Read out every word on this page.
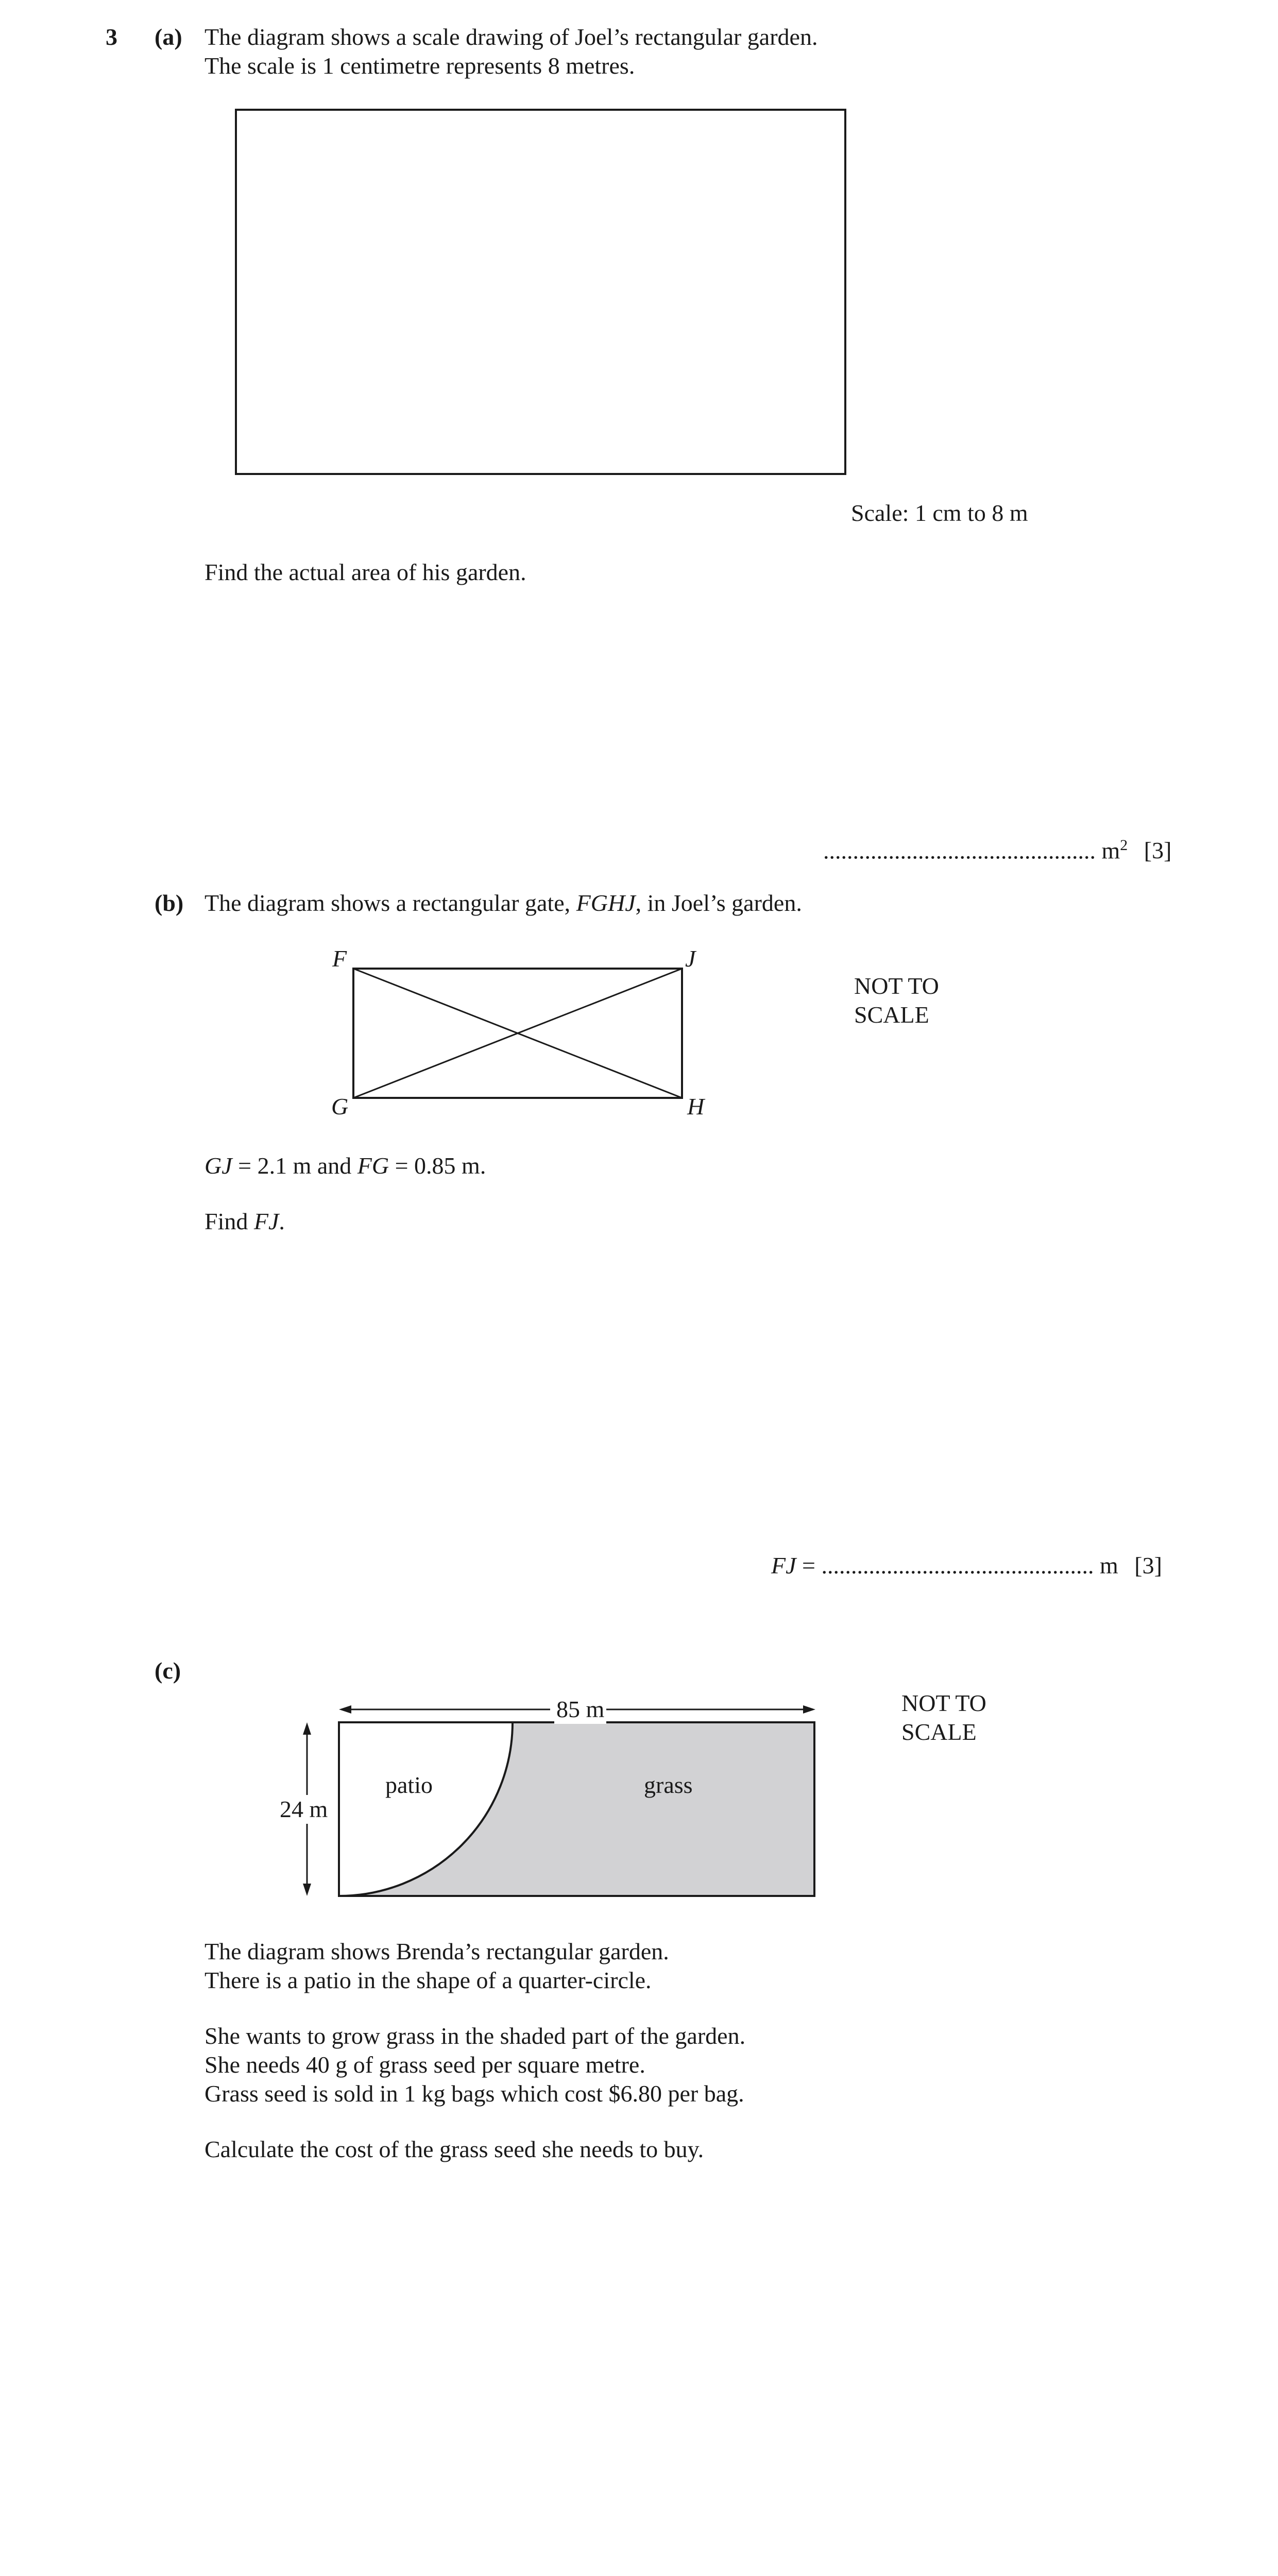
3 (a) The diagram shows a scale drawing of Joel’s rectangular garden.
The scale is 1 centimetre represents 8 metres.
Scale: 1 cm to 8 m
Find the actual area of his garden.
.............................................. $m^2$ [3]
(b) The diagram shows a rectangular gate, FGHJ, in Joel’s garden.
F	J
G	H
NOT TO
SCALE
GJ = 2.1 m and FG = 0.85 m.
Find FJ.
FJ = .............................................. m [3]
(c)
85 m
24 m
patio	grass
NOT TO
SCALE
The diagram shows Brenda’s rectangular garden.
There is a patio in the shape of a quarter-circle.
She wants to grow grass in the shaded part of the garden.
She needs 40 g of grass seed per square metre.
Grass seed is sold in 1 kg bags which cost $6.80 per bag.
Calculate the cost of the grass seed she needs to buy.
